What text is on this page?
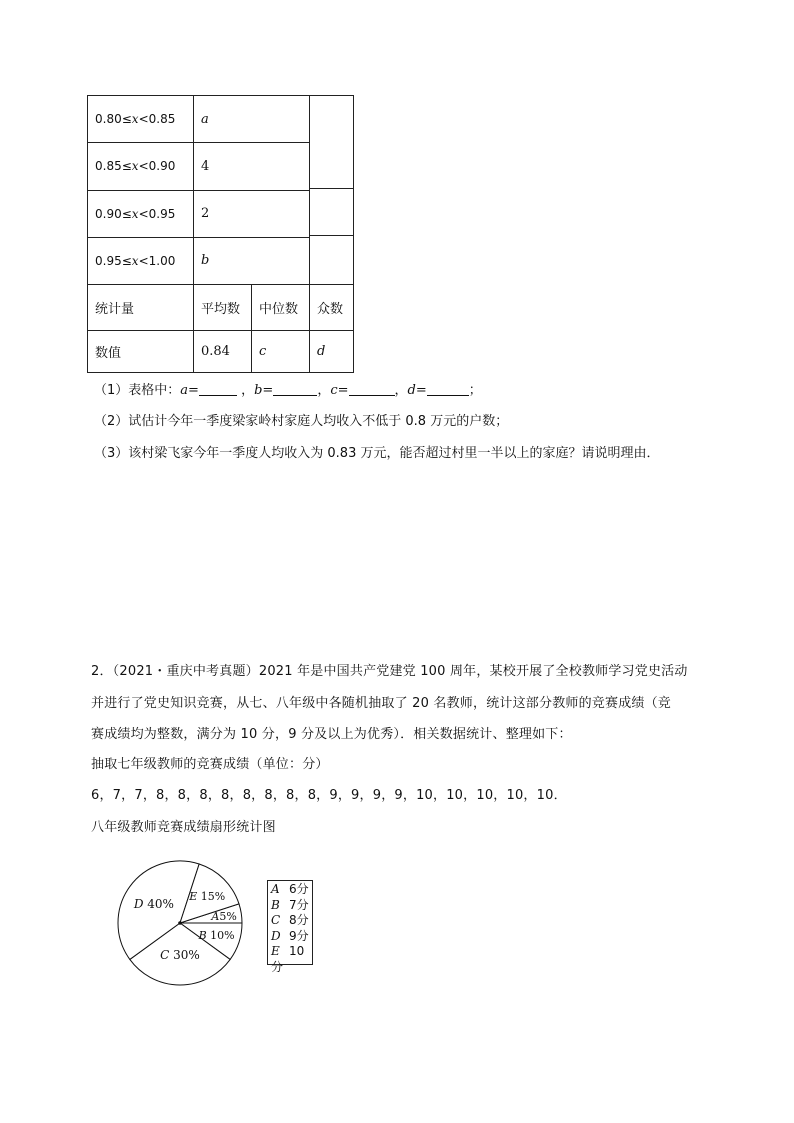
0.80≤x<0.85	a		

0.85≤x<0.90	4		
0.90≤x<0.95	2		
0.95≤x<1.00	b		
统计量	平均数	中位数	众数
数值	0.84	c	d
（1）表格中：a=	，b=	，c=	，d=	；
（2）试估计今年一季度梁家岭村家庭人均收入不低于 0.8 万元的户数；
（3）该村梁飞家今年一季度人均收入为 0.83 万元，能否超过村里一半以上的家庭？请说明理由．
2．（2021・重庆中考真题）2021 年是中国共产党建党 100 周年，某校开展了全校教师学习党史活动
并进行了党史知识竞赛，从七、八年级中各随机抽取了 20 名教师，统计这部分教师的竞赛成绩（竞
赛成绩均为整数，满分为 10 分，9 分及以上为优秀）．相关数据统计、整理如下：
抽取七年级教师的竞赛成绩（单位：分）
6，7，7，8，8，8，8，8，8，8，8，9，9，9，9，10，10，10，10，10．
八年级教师竞赛成绩扇形统计图
A5%
B 10%
C 30%
D 40%
E 15%
A 6分
B 7分
C 8分
D 9分
E 10分
